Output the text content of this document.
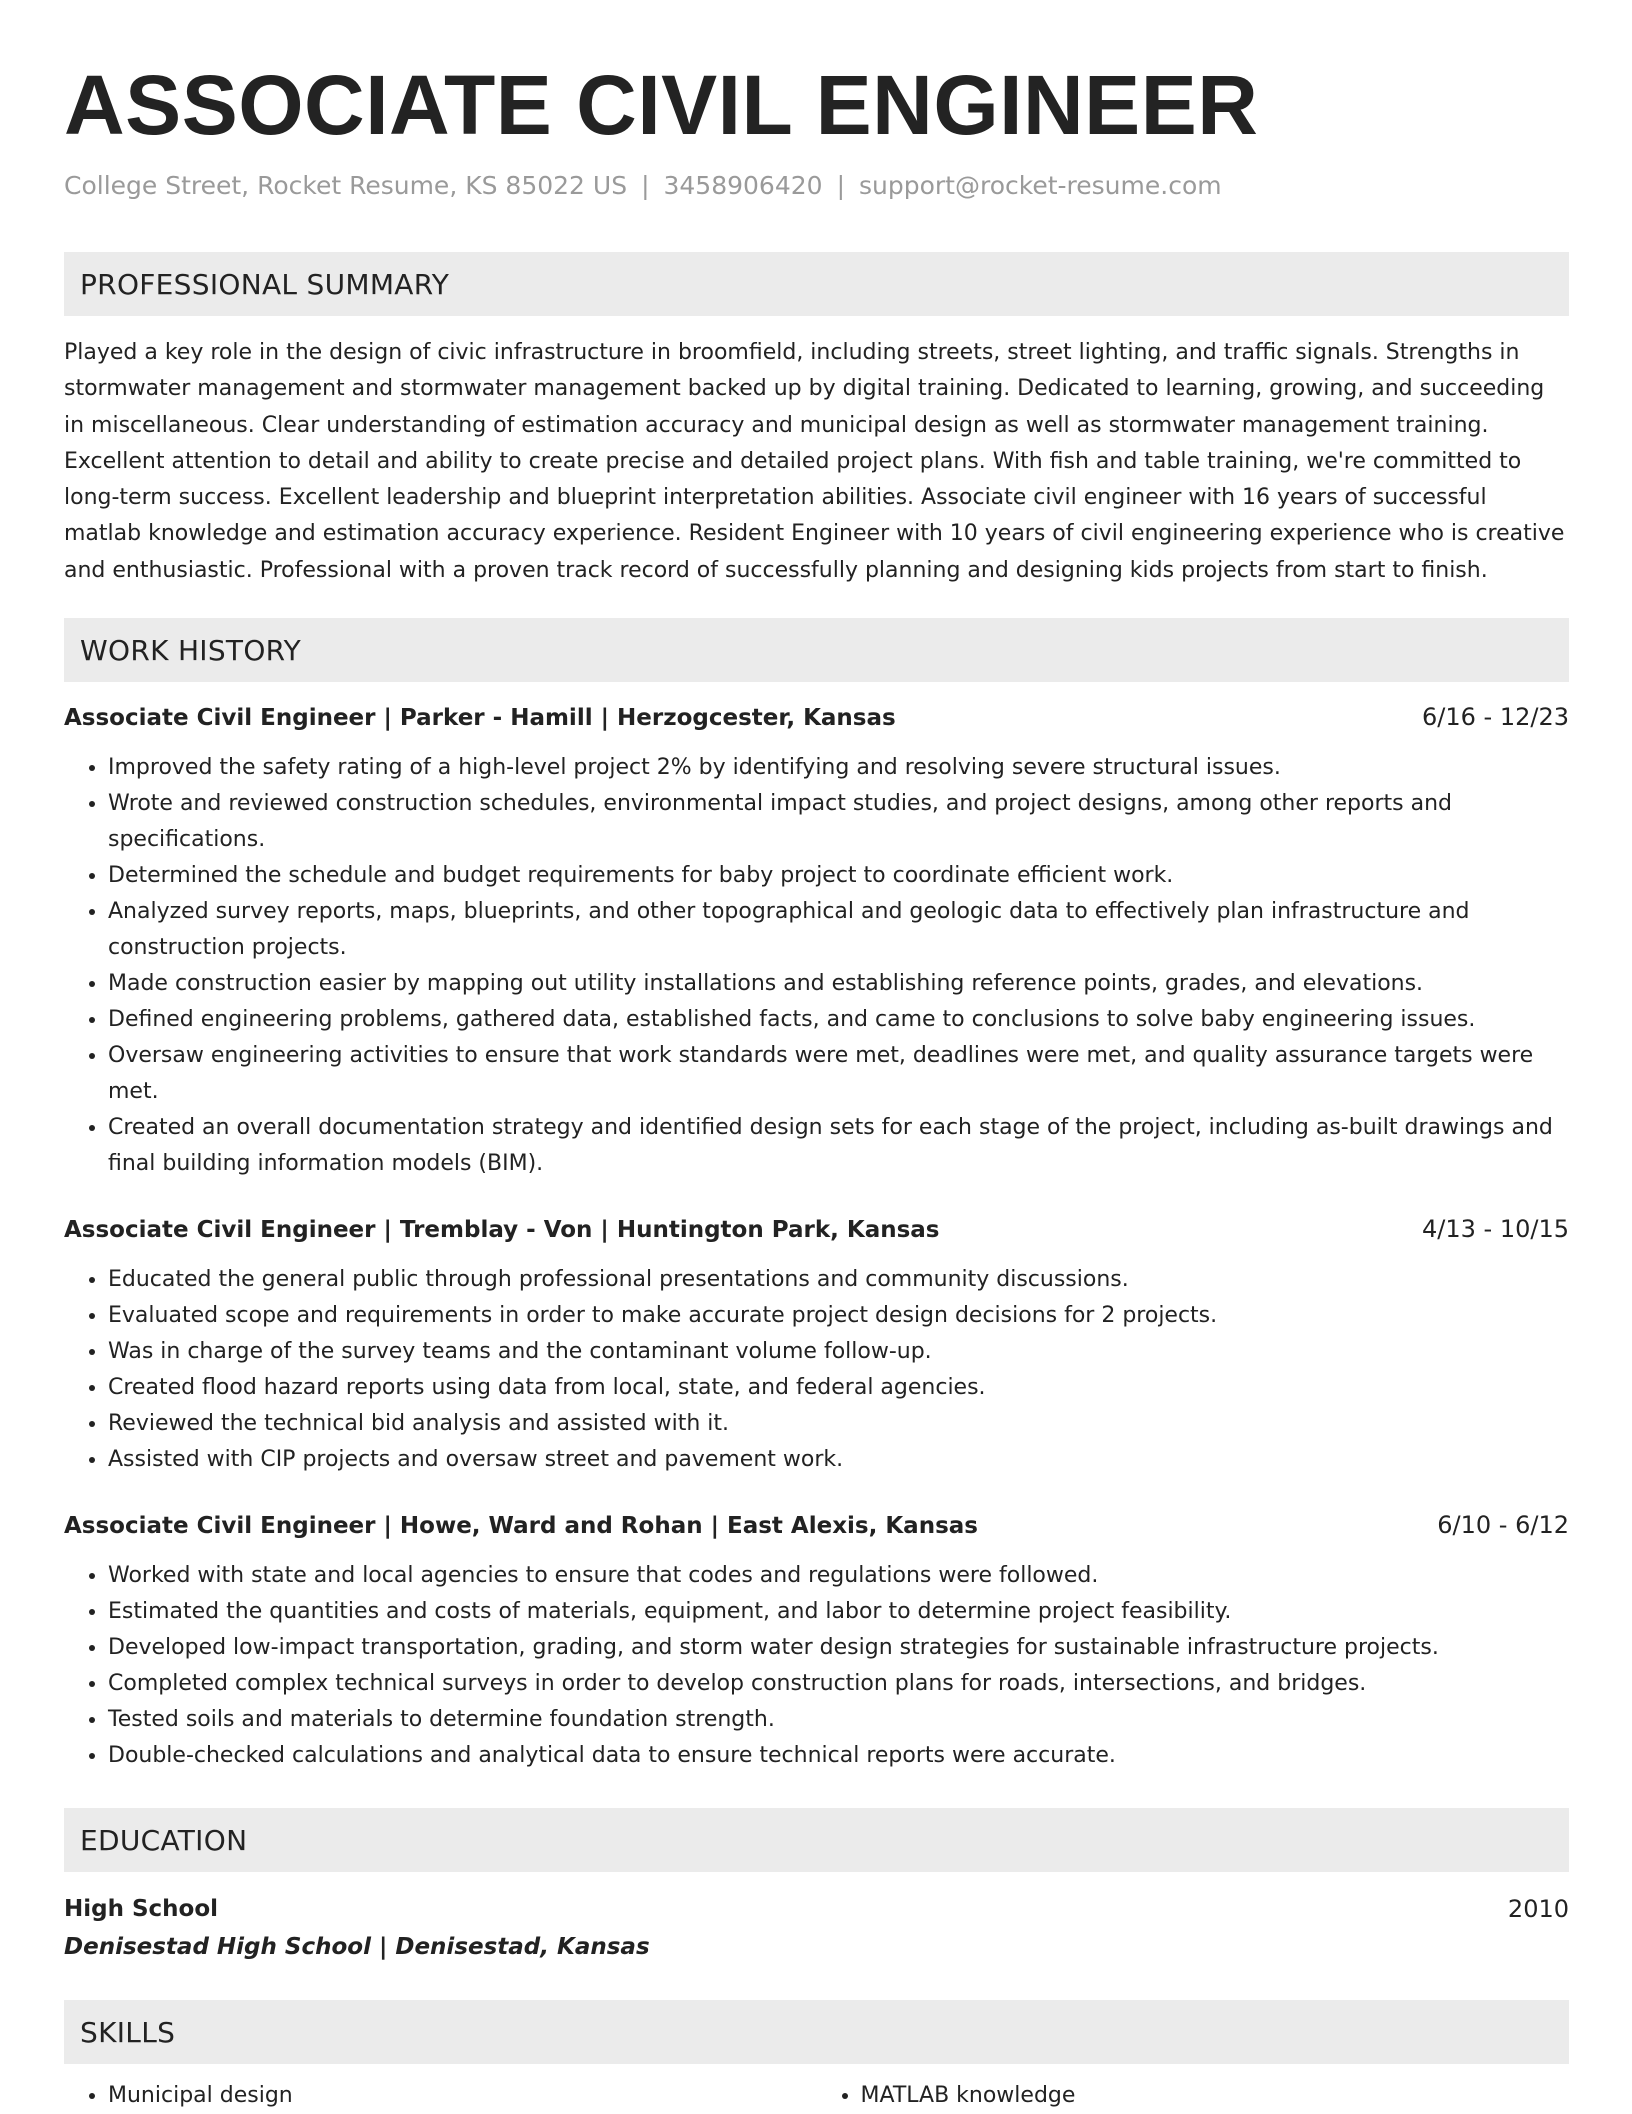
ASSOCIATE CIVIL ENGINEER
College Street, Rocket Resume, KS 85022 US | 3458906420 | support@rocket-resume.com
PROFESSIONAL SUMMARY

Played a key role in the design of civic infrastructure in broomfield, including streets, street lighting, and traffic signals. Strengths in stormwater management and stormwater management backed up by digital training. Dedicated to learning, growing, and succeeding in miscellaneous. Clear understanding of estimation accuracy and municipal design as well as stormwater management training. Excellent attention to detail and ability to create precise and detailed project plans. With fish and table training, we're committed to long-term success. Excellent leadership and blueprint interpretation abilities. Associate civil engineer with 16 years of successful matlab knowledge and estimation accuracy experience. Resident Engineer with 10 years of civil engineering experience who is creative and enthusiastic. Professional with a proven track record of successfully planning and designing kids projects from start to finish.

WORK HISTORY
Associate Civil Engineer | Parker - Hamill | Herzogcester, Kansas	6/16 - 12/23
• Improved the safety rating of a high-level project 2% by identifying and resolving severe structural issues.
• Wrote and reviewed construction schedules, environmental impact studies, and project designs, among other reports and specifications.
• Determined the schedule and budget requirements for baby project to coordinate efficient work.
• Analyzed survey reports, maps, blueprints, and other topographical and geologic data to effectively plan infrastructure and construction projects.
• Made construction easier by mapping out utility installations and establishing reference points, grades, and elevations.
• Defined engineering problems, gathered data, established facts, and came to conclusions to solve baby engineering issues.
• Oversaw engineering activities to ensure that work standards were met, deadlines were met, and quality assurance targets were met.
• Created an overall documentation strategy and identified design sets for each stage of the project, including as-built drawings and final building information models (BIM).
Associate Civil Engineer | Tremblay - Von | Huntington Park, Kansas	4/13 - 10/15
• Educated the general public through professional presentations and community discussions.
• Evaluated scope and requirements in order to make accurate project design decisions for 2 projects.
• Was in charge of the survey teams and the contaminant volume follow-up.
• Created flood hazard reports using data from local, state, and federal agencies.
• Reviewed the technical bid analysis and assisted with it.
• Assisted with CIP projects and oversaw street and pavement work.
Associate Civil Engineer | Howe, Ward and Rohan | East Alexis, Kansas	6/10 - 6/12
• Worked with state and local agencies to ensure that codes and regulations were followed.
• Estimated the quantities and costs of materials, equipment, and labor to determine project feasibility.
• Developed low-impact transportation, grading, and storm water design strategies for sustainable infrastructure projects.
• Completed complex technical surveys in order to develop construction plans for roads, intersections, and bridges.
• Tested soils and materials to determine foundation strength.
• Double-checked calculations and analytical data to ensure technical reports were accurate.
EDUCATION
High School	2010
Denisestad High School | Denisestad, Kansas
SKILLS
• Municipal design
•	MATLAB knowledge
